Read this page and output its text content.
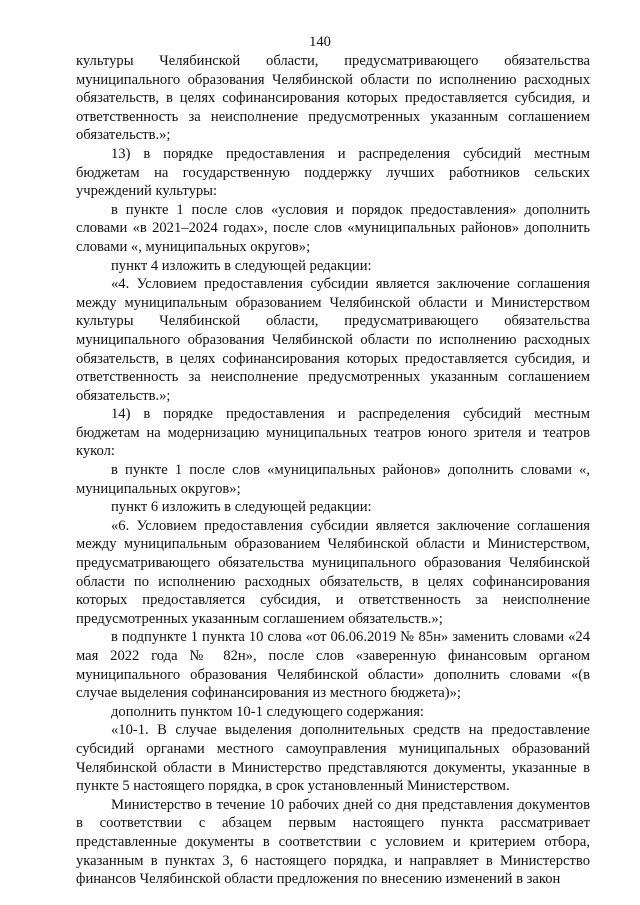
140

культуры Челябинской области, предусматривающего обязательства муниципального образования Челябинской области по исполнению расходных обязательств, в целях софинансирования которых предоставляется субсидия, и ответственность за неисполнение предусмотренных указанным соглашением обязательств.»;

13) в порядке предоставления и распределения субсидий местным бюджетам на государственную поддержку лучших работников сельских учреждений культуры:

в пункте 1 после слов «условия и порядок предоставления» дополнить словами «в 2021–2024 годах», после слов «муниципальных районов» дополнить словами «, муниципальных округов»;

пункт 4 изложить в следующей редакции:

«4. Условием предоставления субсидии является заключение соглашения между муниципальным образованием Челябинской области и Министерством культуры Челябинской области, предусматривающего обязательства муниципального образования Челябинской области по исполнению расходных обязательств, в целях софинансирования которых предоставляется субсидия, и ответственность за неисполнение предусмотренных указанным соглашением обязательств.»;

14) в порядке предоставления и распределения субсидий местным бюджетам на модернизацию муниципальных театров юного зрителя и театров кукол:

в пункте 1 после слов «муниципальных районов» дополнить словами «, муниципальных округов»;

пункт 6 изложить в следующей редакции:

«6. Условием предоставления субсидии является заключение соглашения между муниципальным образованием Челябинской области и Министерством, предусматривающего обязательства муниципального образования Челябинской области по исполнению расходных обязательств, в целях софинансирования которых предоставляется субсидия, и ответственность за неисполнение предусмотренных указанным соглашением обязательств.»;

в подпункте 1 пункта 10 слова «от 06.06.2019 № 85н» заменить словами «24 мая 2022 года № 82н», после слов «заверенную финансовым органом муниципального образования Челябинской области» дополнить словами «(в случае выделения софинансирования из местного бюджета)»;

дополнить пунктом 10-1 следующего содержания:

«10-1. В случае выделения дополнительных средств на предоставление субсидий органами местного самоуправления муниципальных образований Челябинской области в Министерство представляются документы, указанные в пункте 5 настоящего порядка, в срок установленный Министерством.

Министерство в течение 10 рабочих дней со дня представления документов в соответствии с абзацем первым настоящего пункта рассматривает представленные документы в соответствии с условием и критерием отбора, указанным в пунктах 3, 6 настоящего порядка, и направляет в Министерство финансов Челябинской области предложения по внесению изменений в закон
